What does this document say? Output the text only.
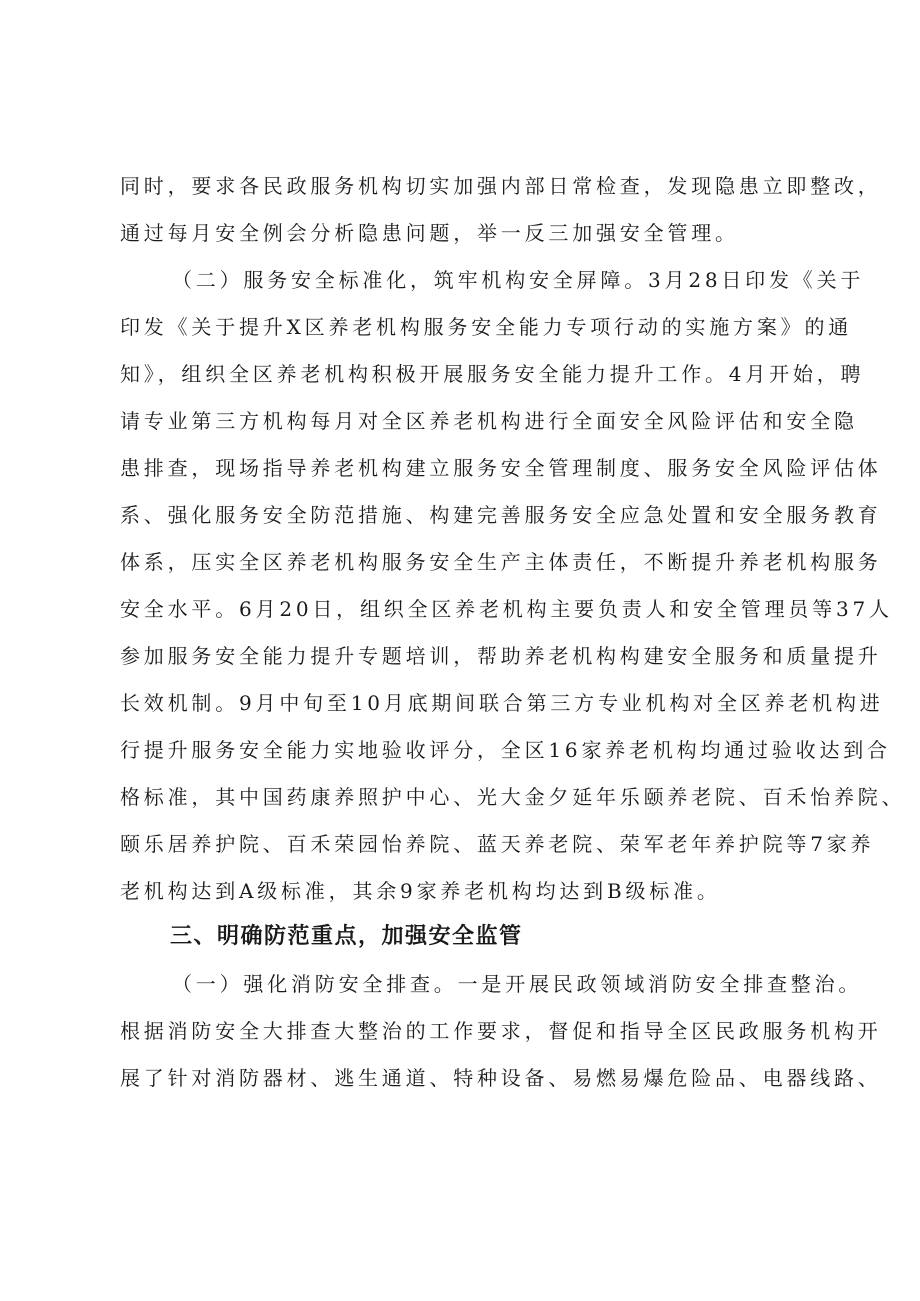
同时，要求各民政服务机构切实加强内部日常检查，发现隐患立即整改，

通过每月安全例会分析隐患问题，举一反三加强安全管理。

（二）服务安全标准化，筑牢机构安全屏障。3月28日印发《关于

印发《关于提升X区养老机构服务安全能力专项行动的实施方案》的通

知》，组织全区养老机构积极开展服务安全能力提升工作。4月开始，聘

请专业第三方机构每月对全区养老机构进行全面安全风险评估和安全隐

患排查，现场指导养老机构建立服务安全管理制度、服务安全风险评估体

系、强化服务安全防范措施、构建完善服务安全应急处置和安全服务教育

体系，压实全区养老机构服务安全生产主体责任，不断提升养老机构服务

安全水平。6月20日，组织全区养老机构主要负责人和安全管理员等37人

参加服务安全能力提升专题培训，帮助养老机构构建安全服务和质量提升

长效机制。9月中旬至10月底期间联合第三方专业机构对全区养老机构进

行提升服务安全能力实地验收评分，全区16家养老机构均通过验收达到合

格标准，其中国药康养照护中心、光大金夕延年乐颐养老院、百禾怡养院、

颐乐居养护院、百禾荣园怡养院、蓝天养老院、荣军老年养护院等7家养

老机构达到A级标准，其余9家养老机构均达到B级标准。

三、明确防范重点，加强安全监管

（一）强化消防安全排查。一是开展民政领域消防安全排查整治。

根据消防安全大排查大整治的工作要求，督促和指导全区民政服务机构开

展了针对消防器材、逃生通道、特种设备、易燃易爆危险品、电器线路、
